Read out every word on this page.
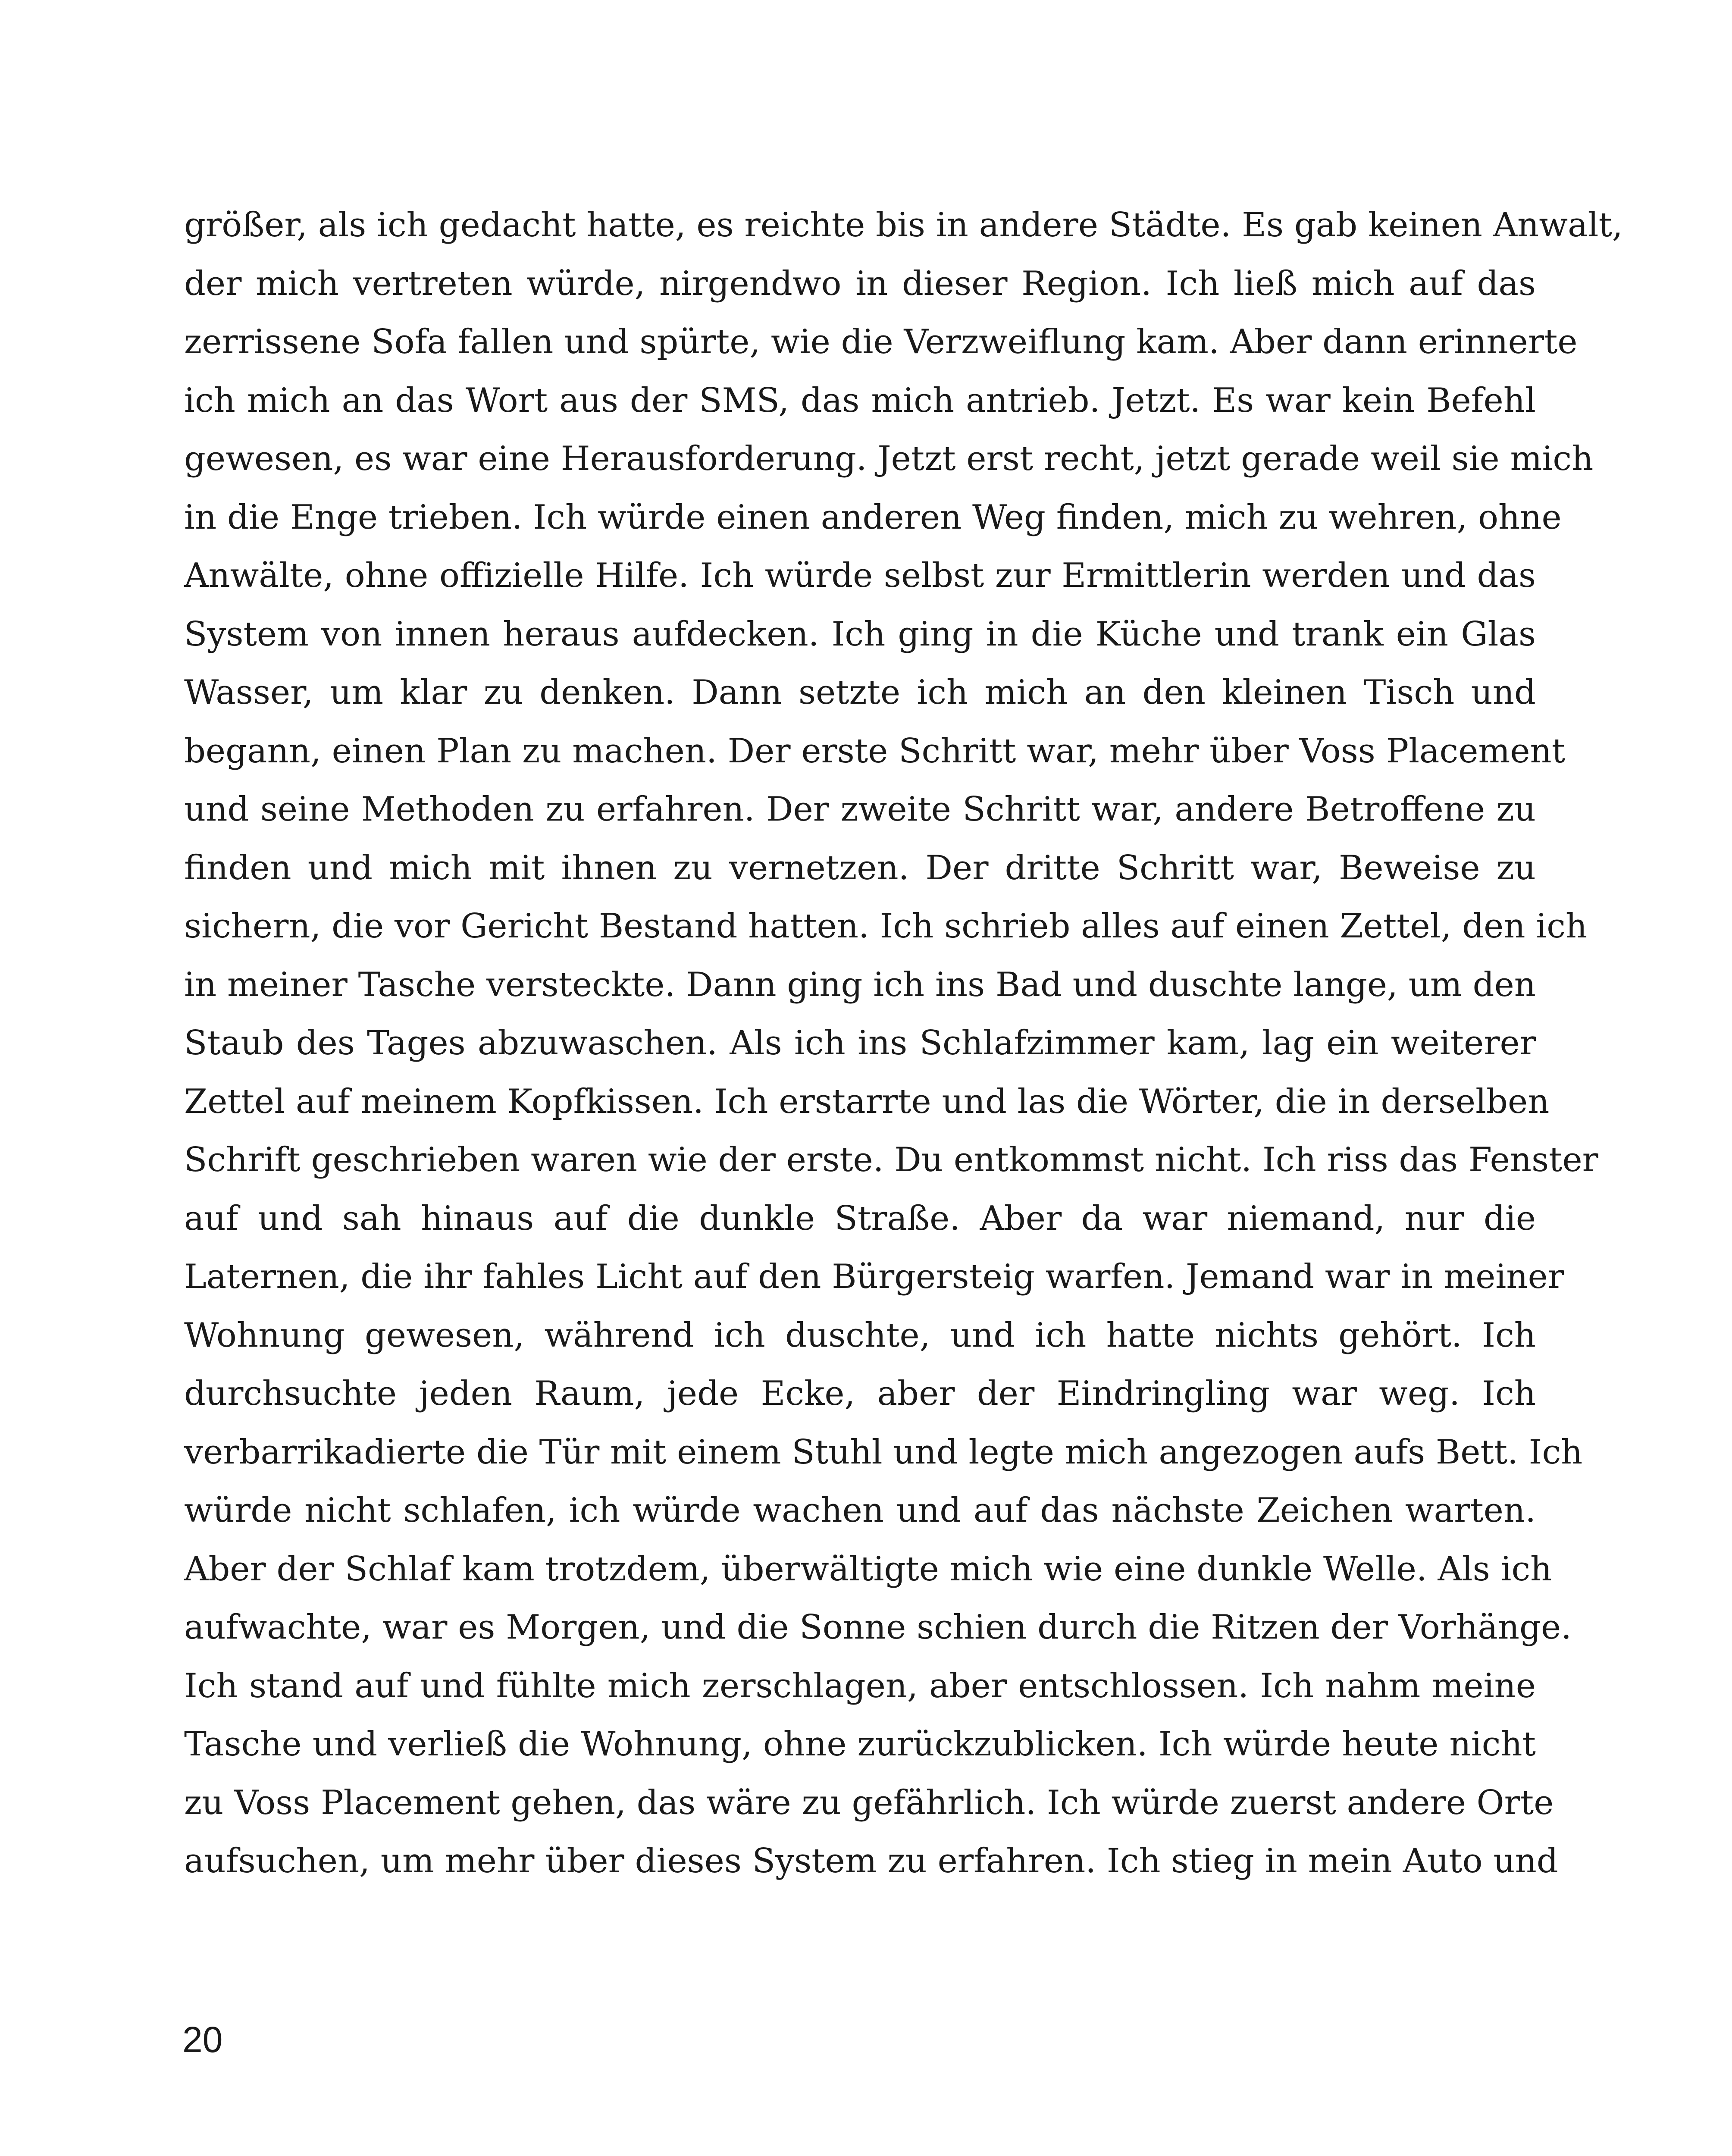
größer, als ich gedacht hatte, es reichte bis in andere Städte. Es gab keinen Anwalt,
der mich vertreten würde, nirgendwo in dieser Region. Ich ließ mich auf das
zerrissene Sofa fallen und spürte, wie die Verzweiflung kam. Aber dann erinnerte
ich mich an das Wort aus der SMS, das mich antrieb. Jetzt. Es war kein Befehl
gewesen, es war eine Herausforderung. Jetzt erst recht, jetzt gerade weil sie mich
in die Enge trieben. Ich würde einen anderen Weg finden, mich zu wehren, ohne
Anwälte, ohne offizielle Hilfe. Ich würde selbst zur Ermittlerin werden und das
System von innen heraus aufdecken. Ich ging in die Küche und trank ein Glas
Wasser, um klar zu denken. Dann setzte ich mich an den kleinen Tisch und
begann, einen Plan zu machen. Der erste Schritt war, mehr über Voss Placement
und seine Methoden zu erfahren. Der zweite Schritt war, andere Betroffene zu
finden und mich mit ihnen zu vernetzen. Der dritte Schritt war, Beweise zu
sichern, die vor Gericht Bestand hatten. Ich schrieb alles auf einen Zettel, den ich
in meiner Tasche versteckte. Dann ging ich ins Bad und duschte lange, um den
Staub des Tages abzuwaschen. Als ich ins Schlafzimmer kam, lag ein weiterer
Zettel auf meinem Kopfkissen. Ich erstarrte und las die Wörter, die in derselben
Schrift geschrieben waren wie der erste. Du entkommst nicht. Ich riss das Fenster
auf und sah hinaus auf die dunkle Straße. Aber da war niemand, nur die
Laternen, die ihr fahles Licht auf den Bürgersteig warfen. Jemand war in meiner
Wohnung gewesen, während ich duschte, und ich hatte nichts gehört. Ich
durchsuchte jeden Raum, jede Ecke, aber der Eindringling war weg. Ich
verbarrikadierte die Tür mit einem Stuhl und legte mich angezogen aufs Bett. Ich
würde nicht schlafen, ich würde wachen und auf das nächste Zeichen warten.
Aber der Schlaf kam trotzdem, überwältigte mich wie eine dunkle Welle. Als ich
aufwachte, war es Morgen, und die Sonne schien durch die Ritzen der Vorhänge.
Ich stand auf und fühlte mich zerschlagen, aber entschlossen. Ich nahm meine
Tasche und verließ die Wohnung, ohne zurückzublicken. Ich würde heute nicht
zu Voss Placement gehen, das wäre zu gefährlich. Ich würde zuerst andere Orte
aufsuchen, um mehr über dieses System zu erfahren. Ich stieg in mein Auto und
20
